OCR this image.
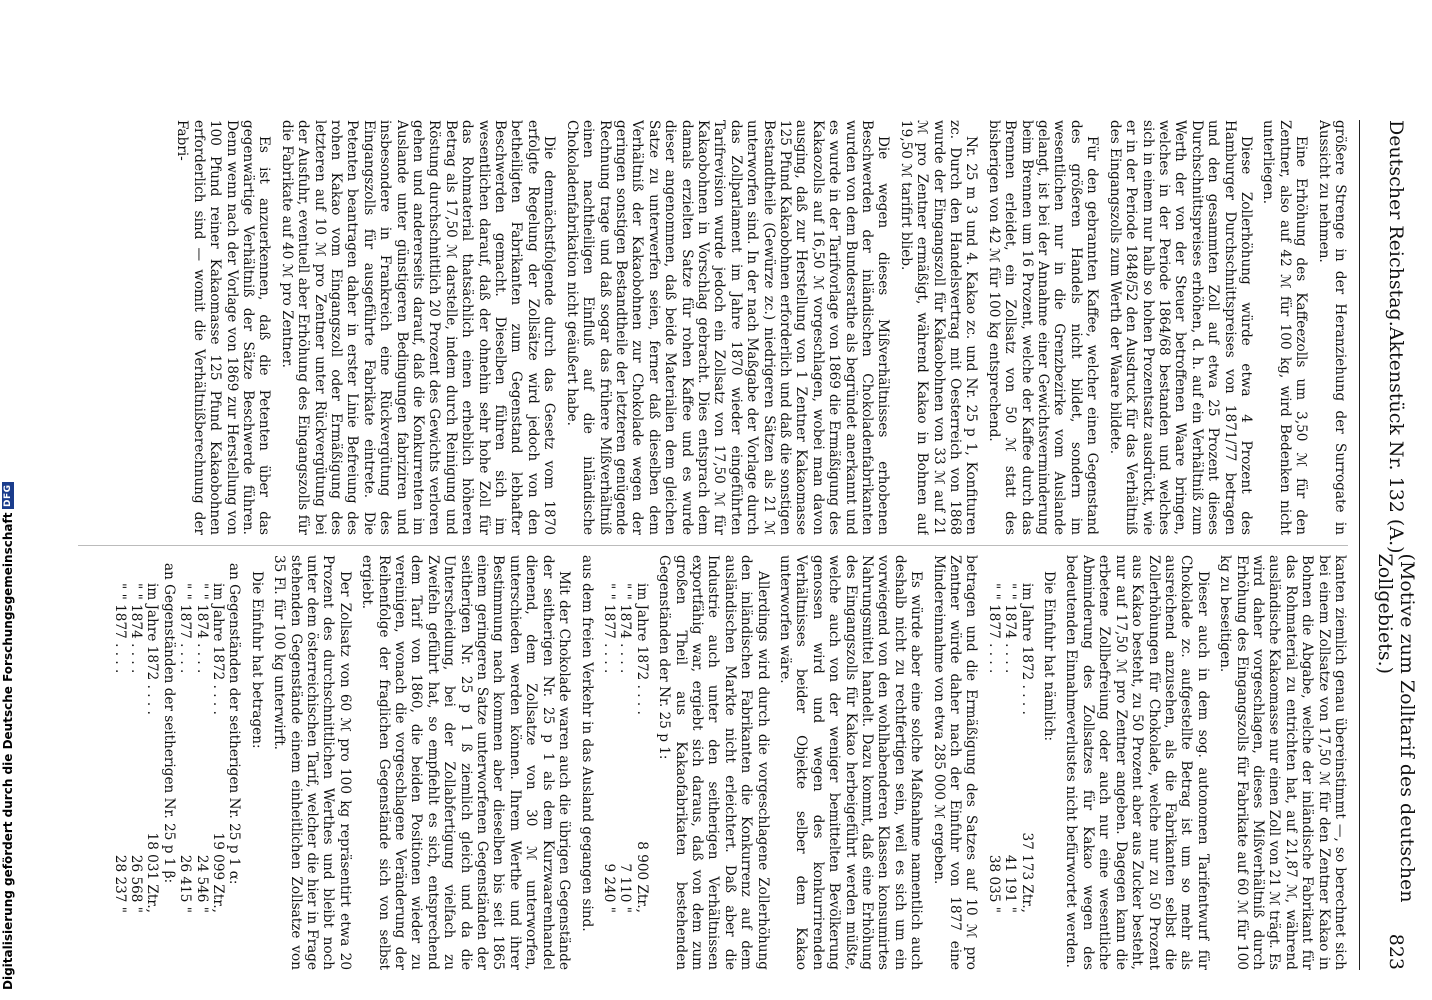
Deutscher Reichstag.
Aktenstück Nr. 132 (A.)
(Motive zum Zolltarif des deutschen Zollgebiets.)
823

größere Strenge in der Heranziehung der Surrogate in Aussicht zu nehmen.

Eine Erhöhung des Kaffeezolls um 3,50 ℳ für den Zentner, also auf 42 ℳ für 100 kg, wird Bedenken nicht unterliegen.

Diese Zollerhöhung würde etwa 4 Prozent des Hamburger Durchschnittspreises von 1871/77 betragen und den gesammten Zoll auf etwa 25 Prozent dieses Durchschnittspreises erhöhen, d. h. auf ein Verhältniß zum Werth der von der Steuer betroffenen Waare bringen, welches in der Periode 1864/68 bestanden und welches sich in einem nur halb so hohen Prozentsatz ausdrückt, wie er in der Periode 1848/52 den Ausdruck für das Verhältniß des Eingangszolls zum Werth der Waare bildete.

Für den gebrannten Kaffee, welcher einen Gegenstand des größeren Handels nicht bildet, sondern im wesentlichen nur in die Grenzbezirke vom Auslande gelangt, ist bei der Annahme einer Gewichtsverminderung beim Brennen um 16 Prozent, welche der Kaffee durch das Brennen erleidet, ein Zollsatz von 50 ℳ statt des bisherigen von 42 ℳ für 100 kg entsprechend.

Nr. 25 m 3 und 4. Kakao zc. und Nr. 25 p 1, Konfituren zc. Durch den Handelsvertrag mit Oesterreich von 1868 wurde der Eingangszoll für Kakaobohnen von 33 ℳ auf 21 ℳ pro Zentner ermäßigt, während Kakao in Bohnen auf 19,50 ℳ tarifirt blieb.

Die wegen dieses Mißverhältnisses erhobenen Beschwerden der inländischen Chokoladenfabrikanten wurden von dem Bundesrathe als begründet anerkannt und es wurde in der Tarifvorlage von 1869 die Ermäßigung des Kakaozolls auf 16,50 ℳ vorgeschlagen, wobei man davon ausging, daß zur Herstellung von 1 Zentner Kakaomasse 125 Pfund Kakaobohnen erforderlich und daß die sonstigen Bestandtheile (Gewürze zc.) niedrigeren Sätzen als 21 ℳ unterworfen sind. In der nach Maßgabe der Vorlage durch das Zollparlament im Jahre 1870 wieder eingeführten Tarifrevision wurde jedoch ein Zollsatz von 17,50 ℳ für Kakaobohnen in Vorschlag gebracht. Dies entsprach dem damals erzielten Satze für rohen Kaffee und es wurde dieser angenommen, daß beide Materialien dem gleichen Satze zu unterwerfen seien, ferner daß dieselben dem Verhältniß der Kakaobohnen zur Chokolade wegen der geringen sonstigen Bestandtheile der letzteren genügende Rechnung trage und daß sogar das frühere Mißverhältniß einen nachtheiligen Einfluß auf die inländische Chokoladenfabrikation nicht geäußert habe.

Die demnächstfolgende durch das Gesetz vom 1870 erfolgte Regelung der Zollsätze wird jedoch von den betheiligten Fabrikanten zum Gegenstand lebhafter Beschwerden gemacht. Dieselben führen sich im wesentlichen darauf, daß der ohnehin sehr hohe Zoll für das Rohmaterial thatsächlich einen erheblich höheren Betrag als 17,50 ℳ darstelle, indem durch Reinigung und Röstung durchschnittlich 20 Prozent des Gewichts verloren gehen und andererseits darauf, daß die Konkurrenten im Auslande unter günstigeren Bedingungen fabriziren und insbesondere in Frankreich eine Rückvergütung des Eingangszolls für ausgeführte Fabrikate eintrete. Die Petenten beantragen daher in erster Linie Befreiung des rohen Kakao vom Eingangszoll oder Ermäßigung des letzteren auf 10 ℳ pro Zentner unter Rückvergütung bei der Ausfuhr, eventuell aber Erhöhung des Eingangszolls für die Fabrikate auf 40 ℳ pro Zentner.

Es ist anzuerkennen, daß die Petenten über das gegenwärtige Verhältniß der Sätze Beschwerde führen. Denn wenn nach der Vorlage von 1869 zur Herstellung von 100 Pfund reiner Kakaomasse 125 Pfund Kakaobohnen erforderlich sind — womit die Verhältnißberechnung der Fabri-

kanten ziemlich genau übereinstimmt —, so berechnet sich bei einem Zollsatze von 17,50 ℳ für den Zentner Kakao in Bohnen die Abgabe, welche der inländische Fabrikant für das Rohmaterial zu entrichten hat, auf 21,87 ℳ, während ausländische Kakaomasse nur einen Zoll von 21 ℳ trägt. Es wird daher vorgeschlagen, dieses Mißverhältniß durch Erhöhung des Eingangszolls für Fabrikate auf 60 ℳ für 100 kg zu beseitigen.

Dieser auch in dem sog. autonomen Tarifentwurf für Chokolade zc. aufgestellte Betrag ist um so mehr als ausreichend anzusehen, als die Fabrikanten selbst die Zollerhöhungen für Chokolade, welche nur zu 50 Prozent aus Kakao besteht, zu 50 Prozent aber aus Zucker besteht, nur auf 17,50 ℳ pro Zentner angeben. Dagegen kann die erbetene Zollbefreiung oder auch nur eine wesentliche Abminderung des Zollsatzes für Kakao wegen des bedeutenden Einnahmeverlustes nicht befürwortet werden.

Die Einfuhr hat nämlich:

im Jahre 1872 . . . .
37 173 Ztr.,
" " 1874 . . . .
41 191 "
" " 1877 . . . .
38 035 "

betragen und die Ermäßigung des Satzes auf 10 ℳ pro Zentner würde daher nach der Einfuhr von 1877 eine Mindereinnahme von etwa 285 000 ℳ ergeben.

Es würde aber eine solche Maßnahme namentlich auch deshalb nicht zu rechtfertigen sein, weil es sich um ein vorwiegend von den wohlhabenderen Klassen konsumirtes Nahrungsmittel handelt. Dazu kommt, daß eine Erhöhung des Eingangszolls für Kakao herbeigeführt werden müßte, welche auch von der weniger bemittelten Bevölkerung genossen wird und wegen des konkurrirenden Verhältnisses beider Objekte selber dem Kakao unterworfen wäre.

Allerdings wird durch die vorgeschlagene Zollerhöhung den inländischen Fabrikanten die Konkurrenz auf dem ausländischen Markte nicht erleichtert. Daß aber die Industrie auch unter den seitherigen Verhältnissen exportfähig war, ergiebt sich daraus, daß von dem zum großen Theil aus Kakaofabrikaten bestehenden Gegenständen der Nr. 25 p 1:

im Jahre 1872 . . . .
8 900 Ztr.,
" " 1874 . . . .
7 110 "
" " 1877 . . . .
9 240 "

aus dem freien Verkehr in das Ausland gegangen sind.

Mit der Chokolade waren auch die übrigen Gegenstände der seitherigen Nr. 25 p 1 als dem Kurzwaarenhandel dienend, dem Zollsatze von 30 ℳ unterworfen, unterschieden werden können. Ihrem Werthe und ihrer Bestimmung nach kommen aber dieselben bis seit 1865 einem geringeren Satze unterworfenen Gegenständen der seitherigen Nr. 25 p 1 ß ziemlich gleich und da die Unterscheidung, bei der Zollabfertigung vielfach zu Zweifeln geführt hat, so empfiehlt es sich, entsprechend dem Tarif von 1860, die beiden Positionen wieder zu vereinigen, wonach die vorgeschlagene Veränderung der Reihenfolge der fraglichen Gegenstände sich von selbst ergiebt.

Der Zollsatz von 60 ℳ pro 100 kg repräsentirt etwa 20 Prozent des durchschnittlichen Werthes und bleibt noch unter dem österreichischen Tarif, welcher die hier in Frage stehenden Gegenstände einem einheitlichen Zollsatze von 35 Fl. für 100 kg unterwirft.

Die Einfuhr hat betragen:

an Gegenständen der seitherigen Nr. 25 p 1 α:
im Jahre 1872 . . . .
19 099 Ztr.,
" " 1874 . . . .
24 546 "
" " 1877 . . . .
26 415 "
an Gegenständen der seitherigen Nr. 25 p 1 β:
im Jahre 1872 . . . .
18 031 Ztr.,
" " 1874 . . . .
26 568 "
" " 1877 . . . .
28 237 "
Digitalisierung gefördert durch die Deutsche Forschungsgemeinschaft
DFG
